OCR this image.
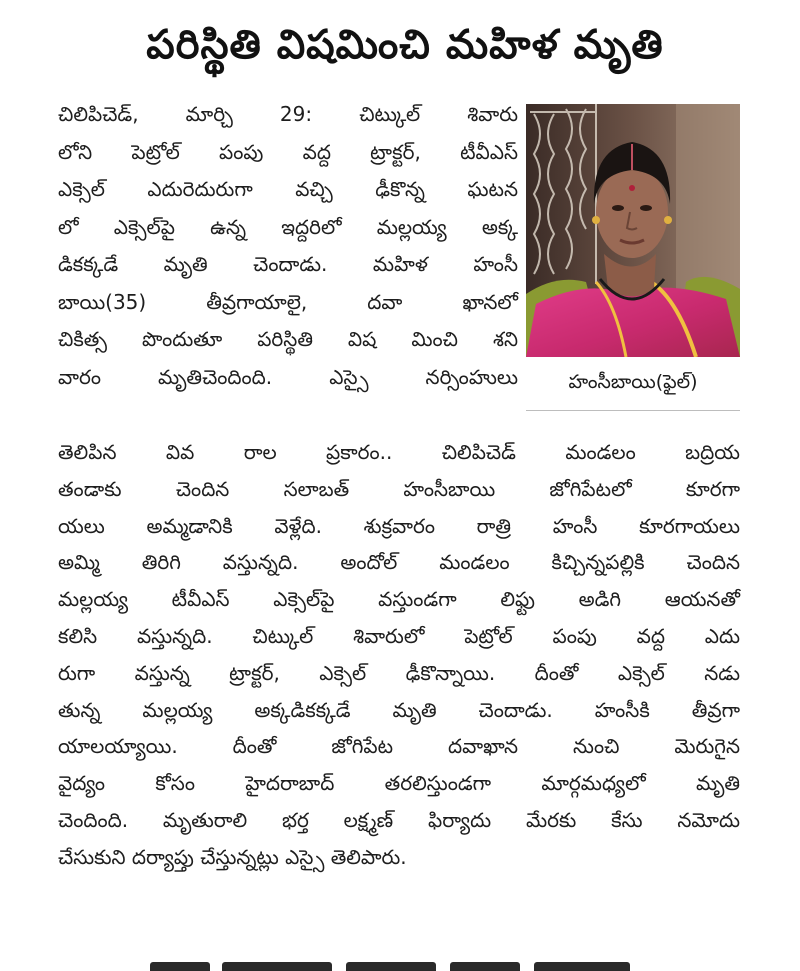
పరిస్థితి విషమించి మహిళ మృతి
చిలిపిచెడ్, మార్చి 29: చిట్కుల్ శివారు
లోని పెట్రోల్ పంపు వద్ద ట్రాక్టర్, టీవీఎస్
ఎక్సెల్ ఎదురెదురుగా వచ్చి ఢీకొన్న ఘటన
లో ఎక్సెల్‌పై ఉన్న ఇద్దరిలో మల్లయ్య అక్క
డికక్కడే మృతి చెందాడు. మహిళ హంసీ
బాయి(35) తీవ్రగాయాలై, దవా ఖానలో
చికిత్స పొందుతూ పరిస్థితి విష మించి శని
వారం మృతిచెందింది. ఎస్సై నర్సింహులు	హంసీబాయి(ఫైల్)
తెలిపిన వివ రాల ప్రకారం.. చిలిపిచెడ్ మండలం బద్రియ
తండాకు చెందిన సలాబత్ హంసీబాయి జోగిపేటలో కూరగా
యలు అమ్మడానికి వెళ్లేది. శుక్రవారం రాత్రి హంసీ కూరగాయలు
అమ్మి తిరిగి వస్తున్నది. అందోల్ మండలం కిచ్చిన్నపల్లికి చెందిన
మల్లయ్య టీవీఎస్ ఎక్సెల్‌పై వస్తుండగా లిఫ్టు అడిగి ఆయనతో
కలిసి వస్తున్నది. చిట్కుల్ శివారులో పెట్రోల్ పంపు వద్ద ఎదు
రుగా వస్తున్న ట్రాక్టర్, ఎక్సెల్ ఢీకొన్నాయి. దీంతో ఎక్సెల్ నడు
తున్న మల్లయ్య అక్కడికక్కడే మృతి చెందాడు. హంసీకి తీవ్రగా
యాలయ్యాయి. దీంతో జోగిపేట దవాఖాన నుంచి మెరుగైన
వైద్యం కోసం హైదరాబాద్ తరలిస్తుండగా మార్గమధ్యలో మృతి
చెందింది. మృతురాలి భర్త లక్ష్మణ్ ఫిర్యాదు మేరకు కేసు నమోదు
చేసుకుని దర్యాప్తు చేస్తున్నట్లు ఎస్సై తెలిపారు.
